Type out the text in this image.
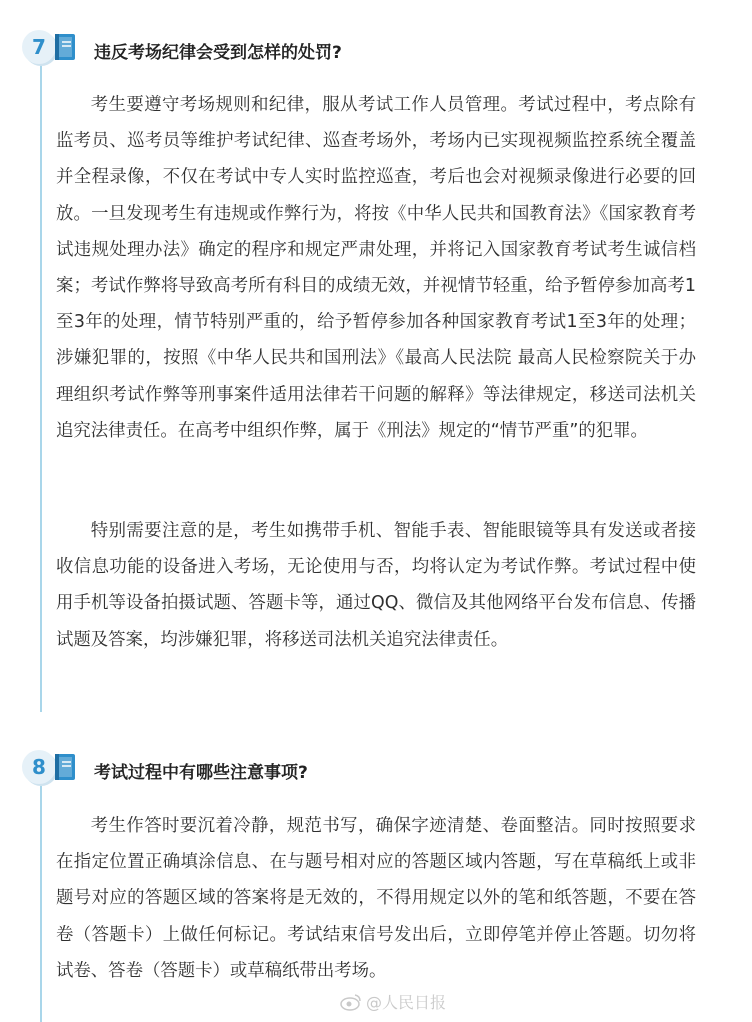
7	违反考场纪律会受到怎样的处罚?

考生要遵守考场规则和纪律，服从考试工作人员管理。考试过程中，考点除有监考员、巡考员等维护考试纪律、巡查考场外，考场内已实现视频监控系统全覆盖并全程录像，不仅在考试中专人实时监控巡查，考后也会对视频录像进行必要的回放。一旦发现考生有违规或作弊行为，将按《中华人民共和国教育法》《国家教育考试违规处理办法》确定的程序和规定严肃处理，并将记入国家教育考试考生诚信档案；考试作弊将导致高考所有科目的成绩无效，并视情节轻重，给予暂停参加高考1至3年的处理，情节特别严重的，给予暂停参加各种国家教育考试1至3年的处理；涉嫌犯罪的，按照《中华人民共和国刑法》《最高人民法院 最高人民检察院关于办理组织考试作弊等刑事案件适用法律若干问题的解释》等法律规定，移送司法机关追究法律责任。在高考中组织作弊，属于《刑法》规定的“情节严重”的犯罪。

特别需要注意的是，考生如携带手机、智能手表、智能眼镜等具有发送或者接收信息功能的设备进入考场，无论使用与否，均将认定为考试作弊。考试过程中使用手机等设备拍摄试题、答题卡等，通过QQ、微信及其他网络平台发布信息、传播试题及答案，均涉嫌犯罪，将移送司法机关追究法律责任。

8	考试过程中有哪些注意事项?

考生作答时要沉着冷静，规范书写，确保字迹清楚、卷面整洁。同时按照要求在指定位置正确填涂信息、在与题号相对应的答题区域内答题，写在草稿纸上或非题号对应的答题区域的答案将是无效的，不得用规定以外的笔和纸答题，不要在答卷（答题卡）上做任何标记。考试结束信号发出后，立即停笔并停止答题。切勿将试卷、答卷（答题卡）或草稿纸带出考场。

@人民日报
